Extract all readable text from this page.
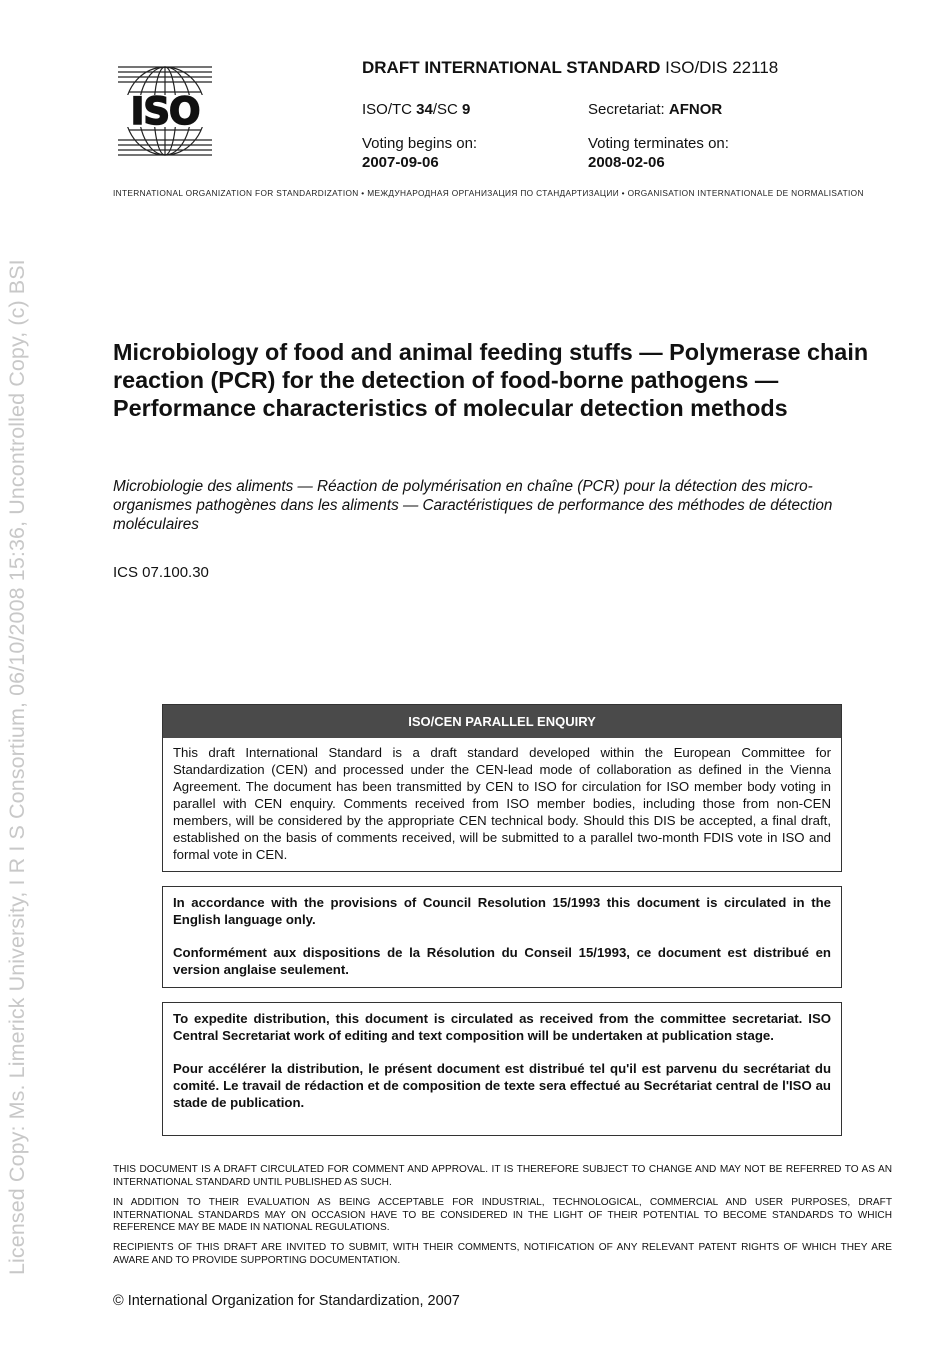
Licensed Copy: Ms. Limerick University, I R I S Consortium, 06/10/2008 15:36, Uncontrolled Copy, (c) BSI
ISO
DRAFT INTERNATIONAL STANDARD ISO/DIS 22118
ISO/TC 34/SC 9	Secretariat: AFNOR
Voting begins on:
2007-09-06
Voting terminates on:
2008-02-06
INTERNATIONAL ORGANIZATION FOR STANDARDIZATION • МЕЖДУНАРОДНАЯ ОРГАНИЗАЦИЯ ПО СТАНДАРТИЗАЦИИ • ORGANISATION INTERNATIONALE DE NORMALISATION
Microbiology of food and animal feeding stuffs — Polymerase chain reaction (PCR) for the detection of food-borne pathogens — Performance characteristics of molecular detection methods
Microbiologie des aliments — Réaction de polymérisation en chaîne (PCR) pour la détection des micro-organismes pathogènes dans les aliments — Caractéristiques de performance des méthodes de détection moléculaires
ICS 07.100.30
ISO/CEN PARALLEL ENQUIRY

This draft International Standard is a draft standard developed within the European Committee for Standardization (CEN) and processed under the CEN-lead mode of collaboration as defined in the Vienna Agreement. The document has been transmitted by CEN to ISO for circulation for ISO member body voting in parallel with CEN enquiry. Comments received from ISO member bodies, including those from non-CEN members, will be considered by the appropriate CEN technical body. Should this DIS be accepted, a final draft, established on the basis of comments received, will be submitted to a parallel two-month FDIS vote in ISO and formal vote in CEN.

In accordance with the provisions of Council Resolution 15/1993 this document is circulated in the English language only.

Conformément aux dispositions de la Résolution du Conseil 15/1993, ce document est distribué en version anglaise seulement.

To expedite distribution, this document is circulated as received from the committee secretariat. ISO Central Secretariat work of editing and text composition will be undertaken at publication stage.

Pour accélérer la distribution, le présent document est distribué tel qu'il est parvenu du secrétariat du comité. Le travail de rédaction et de composition de texte sera effectué au Secrétariat central de l'ISO au stade de publication.

THIS DOCUMENT IS A DRAFT CIRCULATED FOR COMMENT AND APPROVAL. IT IS THEREFORE SUBJECT TO CHANGE AND MAY NOT BE REFERRED TO AS AN INTERNATIONAL STANDARD UNTIL PUBLISHED AS SUCH.
IN ADDITION TO THEIR EVALUATION AS BEING ACCEPTABLE FOR INDUSTRIAL, TECHNOLOGICAL, COMMERCIAL AND USER PURPOSES, DRAFT INTERNATIONAL STANDARDS MAY ON OCCASION HAVE TO BE CONSIDERED IN THE LIGHT OF THEIR POTENTIAL TO BECOME STANDARDS TO WHICH REFERENCE MAY BE MADE IN NATIONAL REGULATIONS.
RECIPIENTS OF THIS DRAFT ARE INVITED TO SUBMIT, WITH THEIR COMMENTS, NOTIFICATION OF ANY RELEVANT PATENT RIGHTS OF WHICH THEY ARE AWARE AND TO PROVIDE SUPPORTING DOCUMENTATION.
© International Organization for Standardization, 2007
